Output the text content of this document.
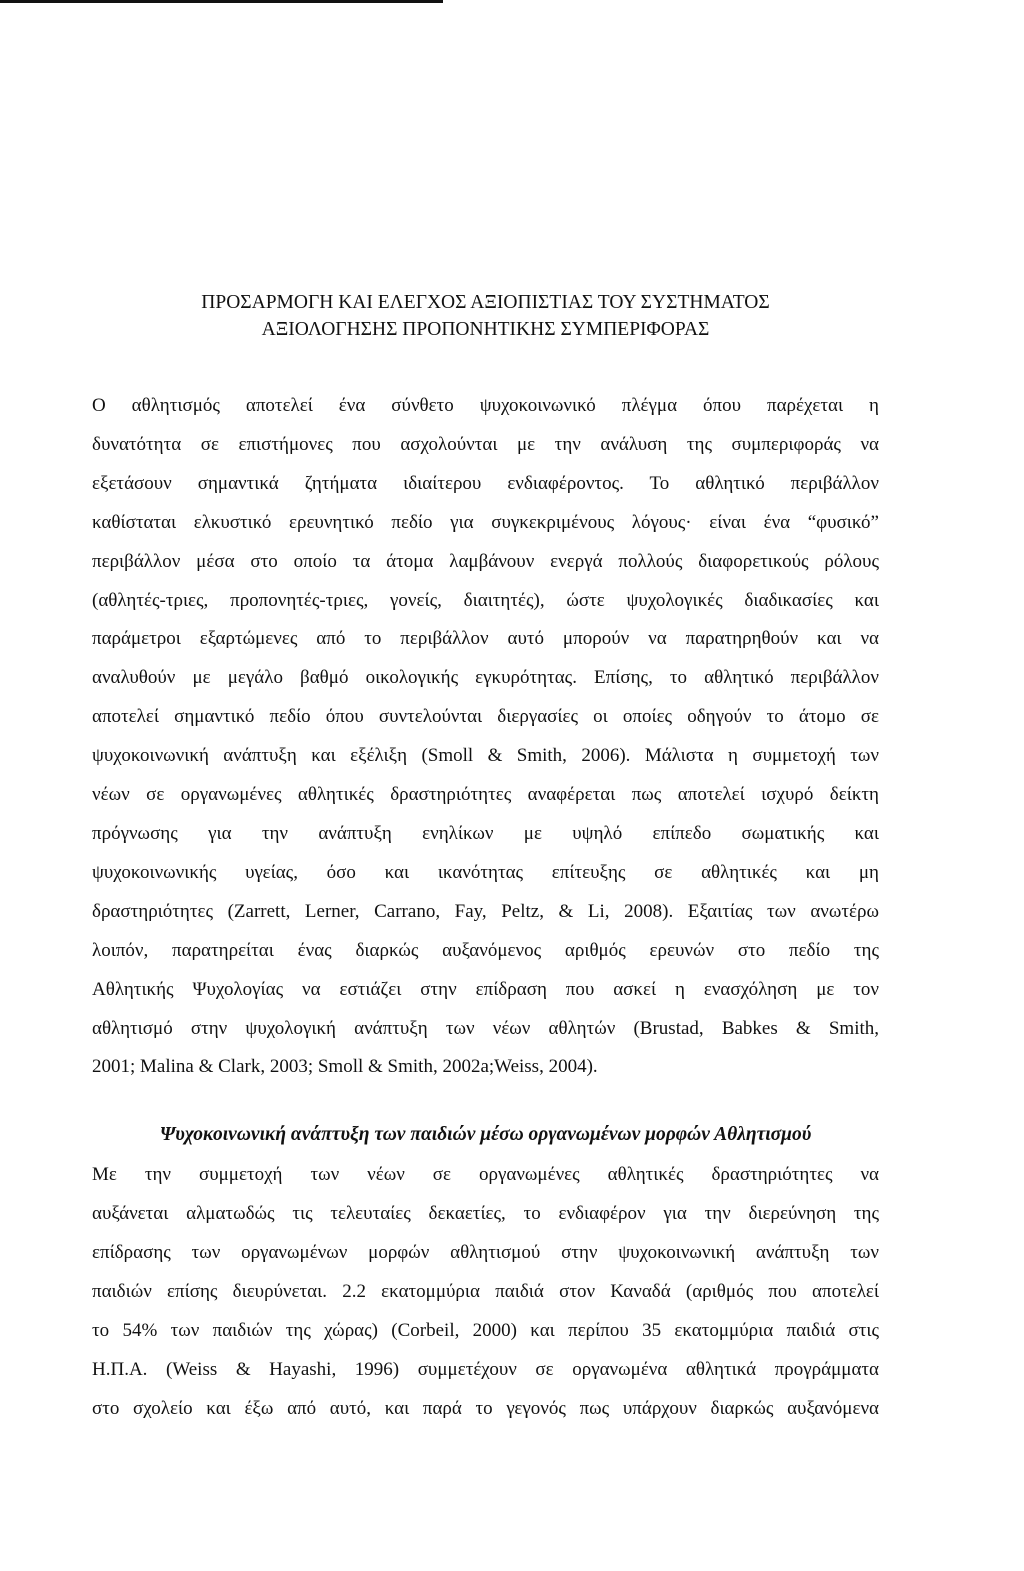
ΠΡΟΣΑΡΜΟΓΗ ΚΑΙ ΕΛΕΓΧΟΣ ΑΞΙΟΠΙΣΤΙΑΣ ΤΟΥ ΣΥΣΤΗΜΑΤΟΣ
ΑΞΙΟΛΟΓΗΣΗΣ ΠΡΟΠΟΝΗΤΙΚΗΣ ΣΥΜΠΕΡΙΦΟΡΑΣ

Ο αθλητισμός αποτελεί ένα σύνθετο ψυχοκοινωνικό πλέγμα όπου παρέχεται η
δυνατότητα σε επιστήμονες που ασχολούνται με την ανάλυση της συμπεριφοράς να
εξετάσουν σημαντικά ζητήματα ιδιαίτερου ενδιαφέροντος. Το αθλητικό περιβάλλον
καθίσταται ελκυστικό ερευνητικό πεδίο για συγκεκριμένους λόγους· είναι ένα “φυσικό”
περιβάλλον μέσα στο οποίο τα άτομα λαμβάνουν ενεργά πολλούς διαφορετικούς ρόλους
(αθλητές-τριες, προπονητές-τριες, γονείς, διαιτητές), ώστε ψυχολογικές διαδικασίες και
παράμετροι εξαρτώμενες από το περιβάλλον αυτό μπορούν να παρατηρηθούν και να
αναλυθούν με μεγάλο βαθμό οικολογικής εγκυρότητας. Επίσης, το αθλητικό περιβάλλον
αποτελεί σημαντικό πεδίο όπου συντελούνται διεργασίες οι οποίες οδηγούν το άτομο σε
ψυχοκοινωνική ανάπτυξη και εξέλιξη (Smoll & Smith, 2006). Μάλιστα η συμμετοχή των
νέων σε οργανωμένες αθλητικές δραστηριότητες αναφέρεται πως αποτελεί ισχυρό δείκτη
πρόγνωσης για την ανάπτυξη ενηλίκων με υψηλό επίπεδο σωματικής και
ψυχοκοινωνικής υγείας, όσο και ικανότητας επίτευξης σε αθλητικές και μη
δραστηριότητες (Zarrett, Lerner, Carrano, Fay, Peltz, & Li, 2008). Εξαιτίας των ανωτέρω
λοιπόν, παρατηρείται ένας διαρκώς αυξανόμενος αριθμός ερευνών στο πεδίο της
Αθλητικής Ψυχολογίας να εστιάζει στην επίδραση που ασκεί η ενασχόληση με τον
αθλητισμό στην ψυχολογική ανάπτυξη των νέων αθλητών (Brustad, Babkes & Smith,
2001; Malina & Clark, 2003; Smoll & Smith, 2002a;Weiss, 2004).

Ψυχοκοινωνική ανάπτυξη των παιδιών μέσω οργανωμένων μορφών Αθλητισμού

Με την συμμετοχή των νέων σε οργανωμένες αθλητικές δραστηριότητες να
αυξάνεται αλματωδώς τις τελευταίες δεκαετίες, το ενδιαφέρον για την διερεύνηση της
επίδρασης των οργανωμένων μορφών αθλητισμού στην ψυχοκοινωνική ανάπτυξη των
παιδιών επίσης διευρύνεται. 2.2 εκατομμύρια παιδιά στον Καναδά (αριθμός που αποτελεί
το 54% των παιδιών της χώρας) (Corbeil, 2000) και περίπου 35 εκατομμύρια παιδιά στις
Η.Π.Α. (Weiss & Hayashi, 1996) συμμετέχουν σε οργανωμένα αθλητικά προγράμματα
στο σχολείο και έξω από αυτό, και παρά το γεγονός πως υπάρχουν διαρκώς αυξανόμενα
